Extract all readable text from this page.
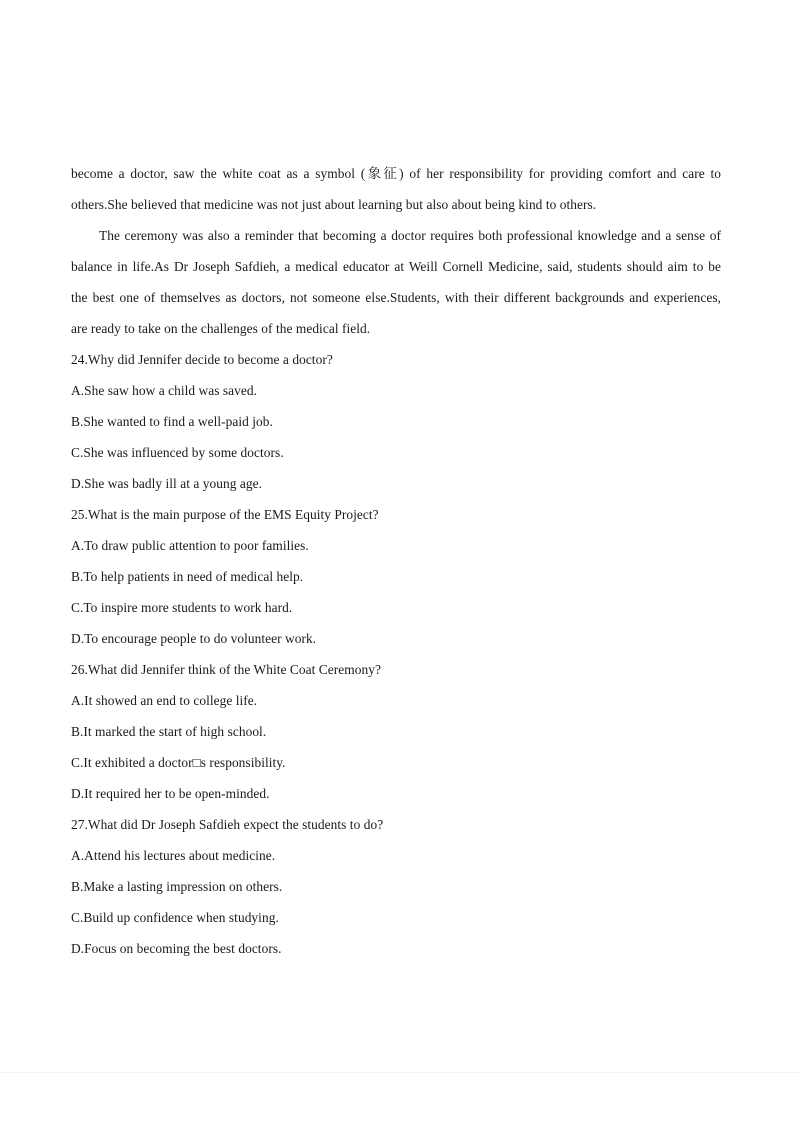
become a doctor, saw the white coat as a symbol (象征) of her responsibility for providing comfort and care to
others.She believed that medicine was not just about learning but also about being kind to others.
The ceremony was also a reminder that becoming a doctor requires both professional knowledge and a sense of
balance in life.As Dr Joseph Safdieh, a medical educator at Weill Cornell Medicine, said, students should aim to be
the best one of themselves as doctors, not someone else.Students, with their different backgrounds and experiences,
are ready to take on the challenges of the medical field.
24.Why did Jennifer decide to become a doctor?
A.She saw how a child was saved.
B.She wanted to find a well-paid job.
C.She was influenced by some doctors.
D.She was badly ill at a young age.
25.What is the main purpose of the EMS Equity Project?
A.To draw public attention to poor families.
B.To help patients in need of medical help.
C.To inspire more students to work hard.
D.To encourage people to do volunteer work.
26.What did Jennifer think of the White Coat Ceremony?
A.It showed an end to college life.
B.It marked the start of high school.
C.It exhibited a doctor□s responsibility.
D.It required her to be open-minded.
27.What did Dr Joseph Safdieh expect the students to do?
A.Attend his lectures about medicine.
B.Make a lasting impression on others.
C.Build up confidence when studying.
D.Focus on becoming the best doctors.
